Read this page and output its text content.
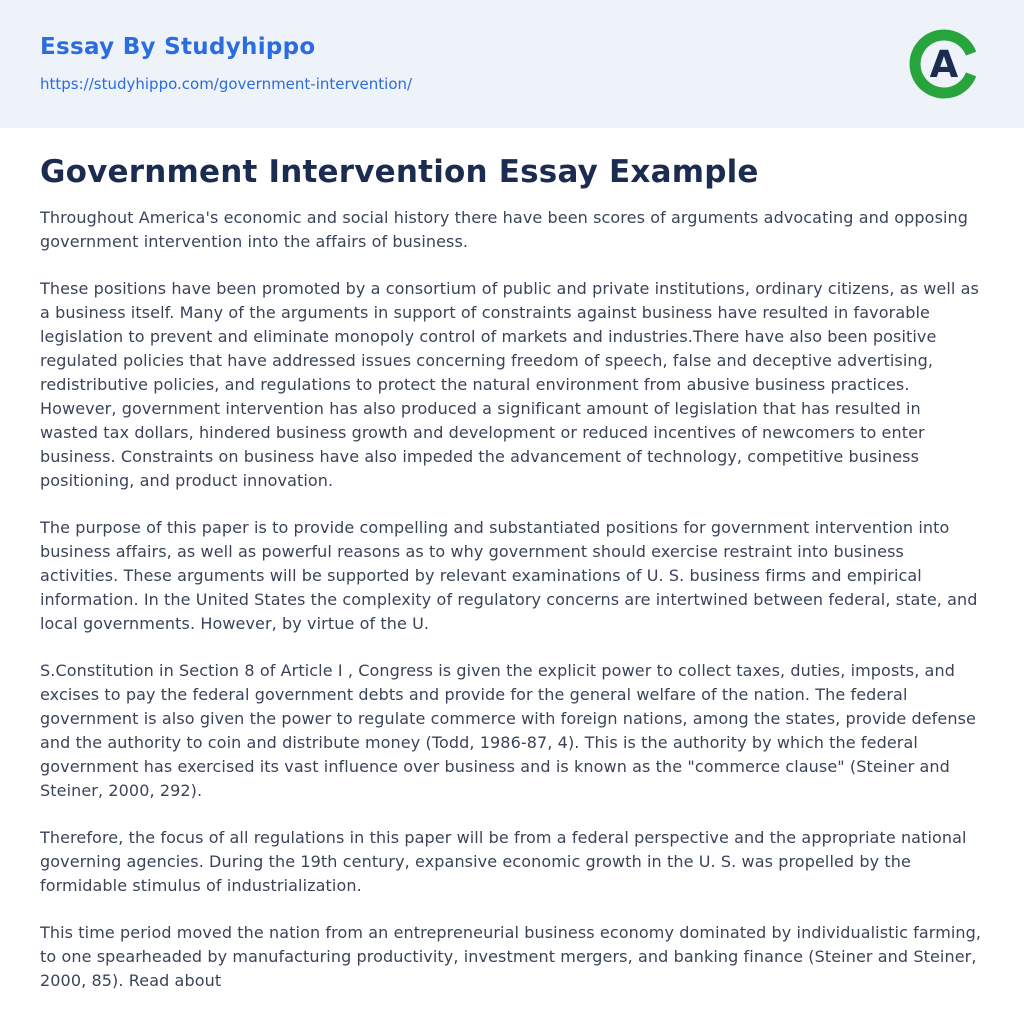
Essay By Studyhippo
https://studyhippo.com/government-intervention/	A
Government Intervention Essay Example

Throughout America's economic and social history there have been scores of arguments advocating and opposing government intervention into the affairs of business.

These positions have been promoted by a consortium of public and private institutions, ordinary citizens, as well as a business itself. Many of the arguments in support of constraints against business have resulted in favorable legislation to prevent and eliminate monopoly control of markets and industries.There have also been positive regulated policies that have addressed issues concerning freedom of speech, false and deceptive advertising, redistributive policies, and regulations to protect the natural environment from abusive business practices. However, government intervention has also produced a significant amount of legislation that has resulted in wasted tax dollars, hindered business growth and development or reduced incentives of newcomers to enter business. Constraints on business have also impeded the advancement of technology, competitive business positioning, and product innovation.

The purpose of this paper is to provide compelling and substantiated positions for government intervention into business affairs, as well as powerful reasons as to why government should exercise restraint into business activities. These arguments will be supported by relevant examinations of U. S. business firms and empirical information. In the United States the complexity of regulatory concerns are intertwined between federal, state, and local governments. However, by virtue of the U.

S.Constitution in Section 8 of Article I , Congress is given the explicit power to collect taxes, duties, imposts, and excises to pay the federal government debts and provide for the general welfare of the nation. The federal government is also given the power to regulate commerce with foreign nations, among the states, provide defense and the authority to coin and distribute money (Todd, 1986-87, 4). This is the authority by which the federal government has exercised its vast influence over business and is known as the "commerce clause" (Steiner and Steiner, 2000, 292).

Therefore, the focus of all regulations in this paper will be from a federal perspective and the appropriate national governing agencies. During the 19th century, expansive economic growth in the U. S. was propelled by the formidable stimulus of industrialization.

This time period moved the nation from an entrepreneurial business economy dominated by individualistic farming, to one spearheaded by manufacturing productivity, investment mergers, and banking finance (Steiner and Steiner, 2000, 85). Read about
